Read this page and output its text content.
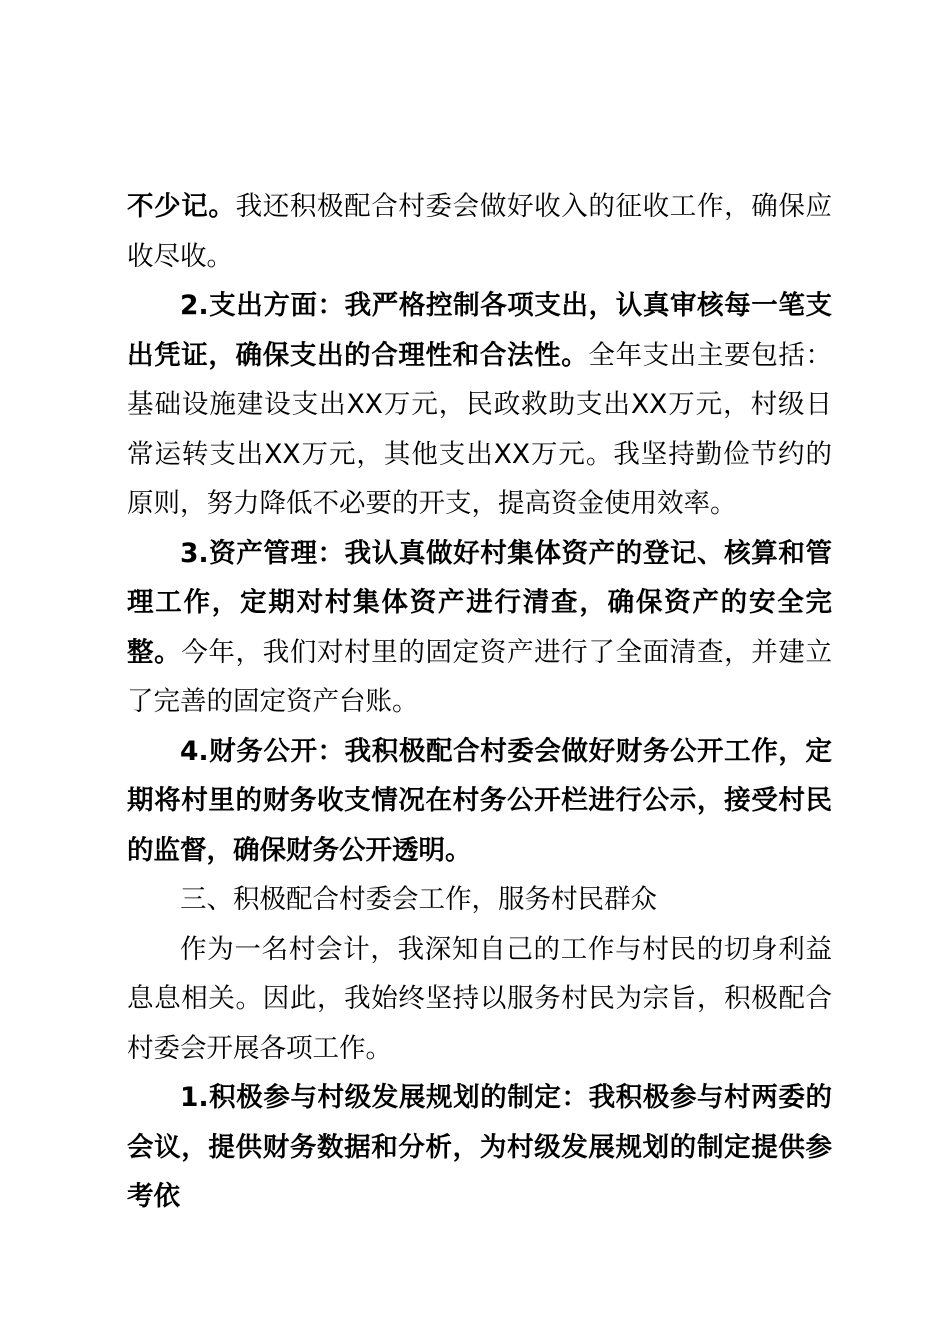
不少记。我还积极配合村委会做好收入的征收工作，确保应收尽收。

2.支出方面：我严格控制各项支出，认真审核每一笔支出凭证，确保支出的合理性和合法性。全年支出主要包括：基础设施建设支出XX万元，民政救助支出XX万元，村级日常运转支出XX万元，其他支出XX万元。我坚持勤俭节约的原则，努力降低不必要的开支，提高资金使用效率。

3.资产管理：我认真做好村集体资产的登记、核算和管理工作，定期对村集体资产进行清查，确保资产的安全完整。今年，我们对村里的固定资产进行了全面清查，并建立了完善的固定资产台账。

4.财务公开：我积极配合村委会做好财务公开工作，定期将村里的财务收支情况在村务公开栏进行公示，接受村民的监督，确保财务公开透明。

三、积极配合村委会工作，服务村民群众

作为一名村会计，我深知自己的工作与村民的切身利益息息相关。因此，我始终坚持以服务村民为宗旨，积极配合村委会开展各项工作。

1.积极参与村级发展规划的制定：我积极参与村两委的会议，提供财务数据和分析，为村级发展规划的制定提供参考依
